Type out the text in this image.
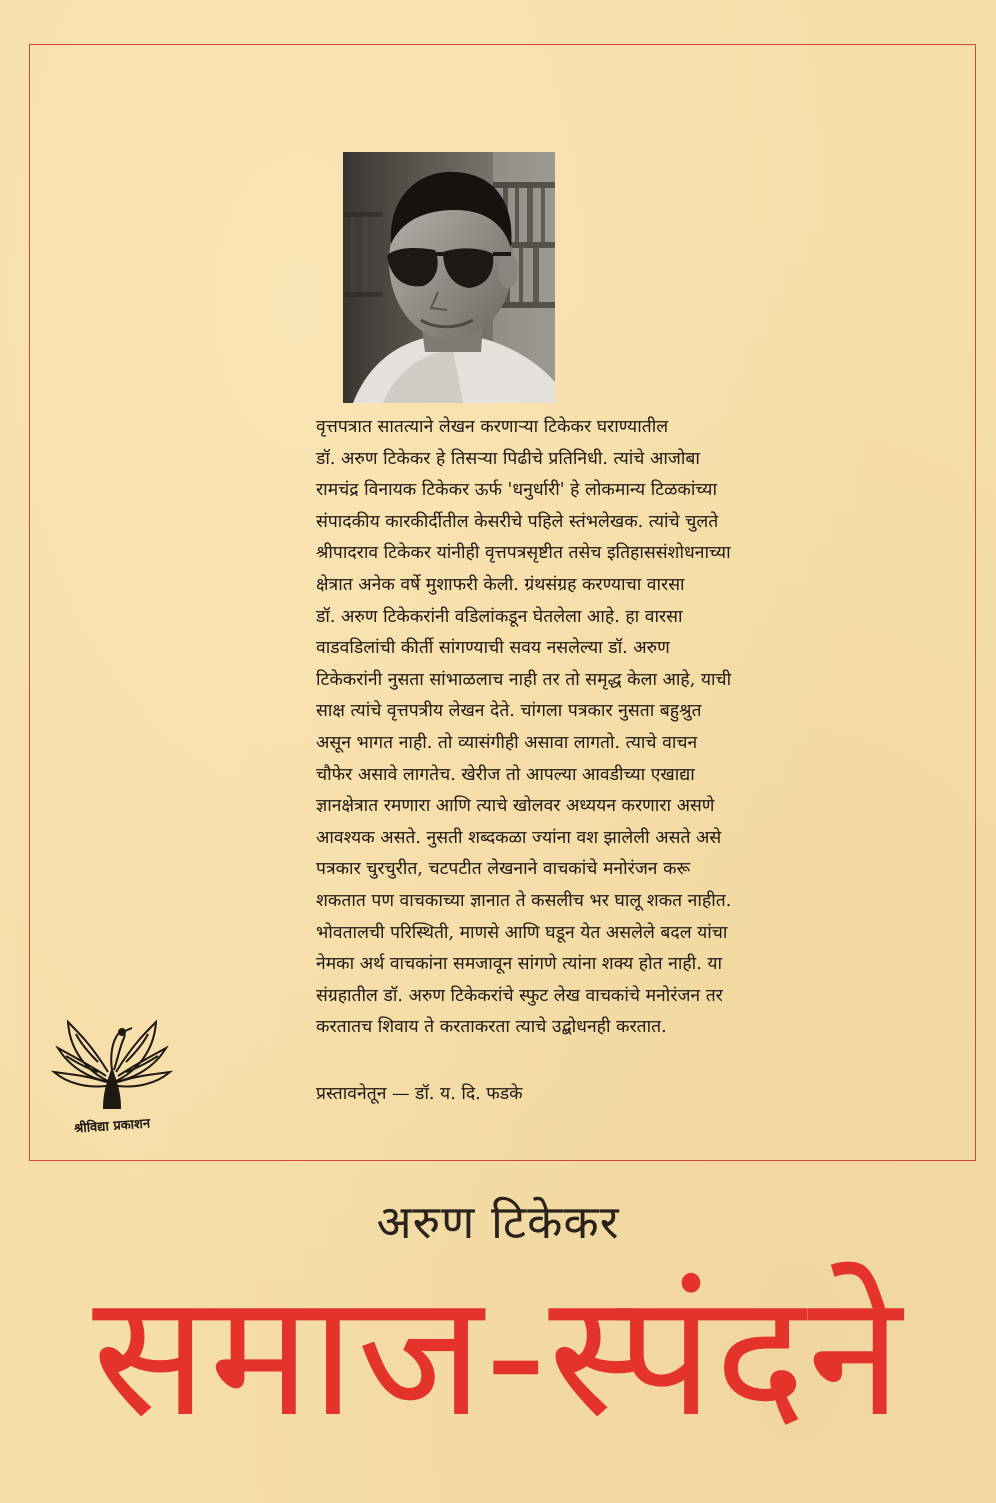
वृत्तपत्रात सातत्याने लेखन करणाऱ्या टिकेकर घराण्यातील
डॉ. अरुण टिकेकर हे तिसऱ्या पिढीचे प्रतिनिधी. त्यांचे आजोबा
रामचंद्र विनायक टिकेकर ऊर्फ 'धनुर्धारी' हे लोकमान्य टिळकांच्या
संपादकीय कारकीर्दीतील केसरीचे पहिले स्तंभलेखक. त्यांचे चुलते
श्रीपादराव टिकेकर यांनीही वृत्तपत्रसृष्टीत तसेच इतिहाससंशोधनाच्या
क्षेत्रात अनेक वर्षे मुशाफरी केली. ग्रंथसंग्रह करण्याचा वारसा
डॉ. अरुण टिकेकरांनी वडिलांकडून घेतलेला आहे. हा वारसा
वाडवडिलांची कीर्ती सांगण्याची सवय नसलेल्या डॉ. अरुण
टिकेकरांनी नुसता सांभाळलाच नाही तर तो समृद्ध केला आहे, याची
साक्ष त्यांचे वृत्तपत्रीय लेखन देते. चांगला पत्रकार नुसता बहुश्रुत
असून भागत नाही. तो व्यासंगीही असावा लागतो. त्याचे वाचन
चौफेर असावे लागतेच. खेरीज तो आपल्या आवडीच्या एखाद्या
ज्ञानक्षेत्रात रमणारा आणि त्याचे खोलवर अध्ययन करणारा असणे
आवश्यक असते. नुसती शब्दकळा ज्यांना वश झालेली असते असे
पत्रकार चुरचुरीत, चटपटीत लेखनाने वाचकांचे मनोरंजन करू
शकतात पण वाचकाच्या ज्ञानात ते कसलीच भर घालू शकत नाहीत.
भोवतालची परिस्थिती, माणसे आणि घडून येत असलेले बदल यांचा
नेमका अर्थ वाचकांना समजावून सांगणे त्यांना शक्य होत नाही. या
संग्रहातील डॉ. अरुण टिकेकरांचे स्फुट लेख वाचकांचे मनोरंजन तर
करतातच शिवाय ते करताकरता त्याचे उद्बोधनही करतात.
प्रस्तावनेतून — डॉ. य. दि. फडके
श्रीविद्या प्रकाशन
अरुण टिकेकर
समाज-स्पंदने
